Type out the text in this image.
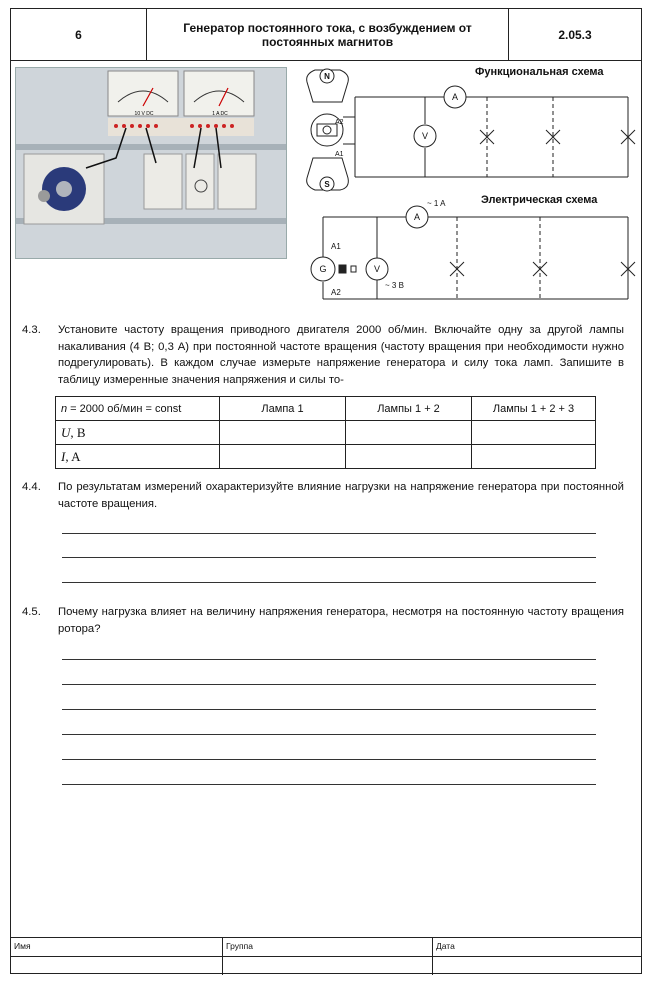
6	Генератор постоянного тока, с возбуждением от постоянных магнитов	2.05.3
10 V DC	1 A DC
Функциональная схема
Электрическая схема
N
S
A2
A1
V
A
~ 1 A
A
V
G
A1
A2
~ 3 B
4.3. Установите частоту вращения приводного двигателя 2000 об/мин. Включайте одну за другой лампы накаливания (4 В; 0,3 А) при постоянной частоте вращения (частоту вращения при необходимости нужно подрегулировать). В каждом случае измерьте напряжение генератора и силу тока ламп. Запишите в таблицу измеренные значения напряжения и силы то-
n = 2000 об/мин = const	Лампа 1	Лампы 1 + 2	Лампы 1 + 2 + 3
U, B			
I, A			
4.4. По результатам измерений охарактеризуйте влияние нагрузки на напряжение генератора при постоянной частоте вращения.
4.5. Почему нагрузка влияет на величину напряжения генератора, несмотря на постоянную частоту вращения ротора?
Имя	Группа	Дата
